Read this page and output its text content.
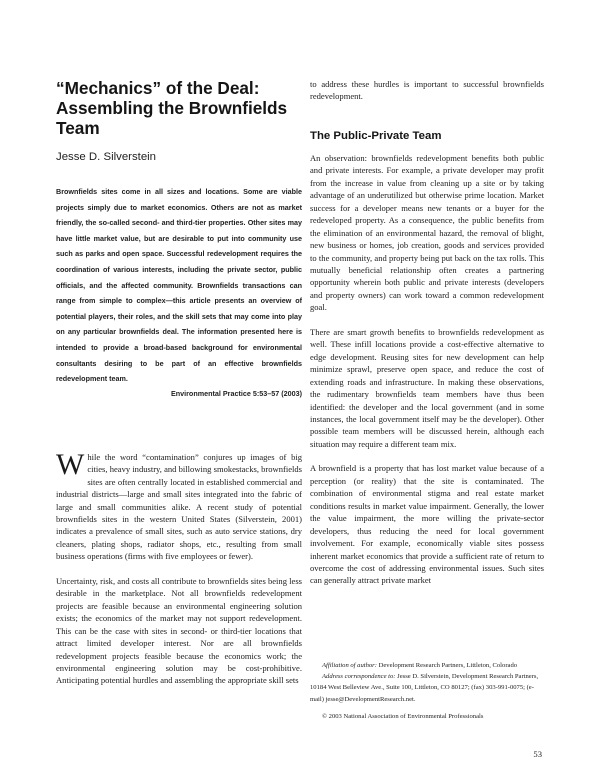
“Mechanics” of the Deal:
Assembling the Brownfields Team

Jesse D. Silverstein

Brownfields sites come in all sizes and locations. Some are viable projects simply due to market economics. Others are not as market friendly, the so-called second- and third-tier properties. Other sites may have little market value, but are desirable to put into community use such as parks and open space. Successful redevelopment requires the coordination of various interests, including the private sector, public officials, and the affected community. Brownfields transactions can range from simple to complex—this article presents an overview of potential players, their roles, and the skill sets that may come into play on any particular brownfields deal. The information presented here is intended to provide a broad-based background for environmental consultants desiring to be part of an effective brownfields redevelopment team.

Environmental Practice 5:53–57 (2003)

While the word “contamination” conjures up images of big cities, heavy industry, and billowing smokestacks, brownfields sites are often centrally located in established commercial and industrial districts—large and small sites integrated into the fabric of large and small communities alike. A recent study of potential brownfields sites in the western United States (Silverstein, 2001) indicates a prevalence of small sites, such as auto service stations, dry cleaners, plating shops, radiator shops, etc., resulting from small business operations (firms with five employees or fewer).

Uncertainty, risk, and costs all contribute to brownfields sites being less desirable in the marketplace. Not all brownfields redevelopment projects are feasible because an environmental engineering solution exists; the economics of the market may not support redevelopment. This can be the case with sites in second- or third-tier locations that attract limited developer interest. Nor are all brownfields redevelopment projects feasible because the economics work; the environmental engineering solution may be cost-prohibitive. Anticipating potential hurdles and assembling the appropriate skill sets

to address these hurdles is important to successful brownfields redevelopment.

The Public-Private Team

An observation: brownfields redevelopment benefits both public and private interests. For example, a private developer may profit from the increase in value from cleaning up a site or by taking advantage of an underutilized but otherwise prime location. Market success for a developer means new tenants or a buyer for the redeveloped property. As a consequence, the public benefits from the elimination of an environmental hazard, the removal of blight, new business or homes, job creation, goods and services provided to the community, and property being put back on the tax rolls. This mutually beneficial relationship often creates a partnering opportunity wherein both public and private interests (developers and property owners) can work toward a common redevelopment goal.

There are smart growth benefits to brownfields redevelopment as well. These infill locations provide a cost-effective alternative to edge development. Reusing sites for new development can help minimize sprawl, preserve open space, and reduce the cost of extending roads and infrastructure. In making these observations, the rudimentary brownfields team members have thus been identified: the developer and the local government (and in some instances, the local government itself may be the developer). Other possible team members will be discussed herein, although each situation may require a different team mix.

A brownfield is a property that has lost market value because of a perception (or reality) that the site is contaminated. The combination of environmental stigma and real estate market conditions results in market value impairment. Generally, the lower the value impairment, the more willing the private-sector developers, thus reducing the need for local government involvement. For example, economically viable sites possess inherent market economics that provide a sufficient rate of return to overcome the cost of addressing environmental issues. Such sites can generally attract private market

Affiliation of author: Development Research Partners, Littleton, Colorado

Address correspondence to: Jesse D. Silverstein, Development Research Partners, 10184 West Belleview Ave., Suite 100, Littleton, CO 80127; (fax) 303-991-0075; (e-mail) jesse@DevelopmentResearch.net.

© 2003 National Association of Environmental Professionals

53
